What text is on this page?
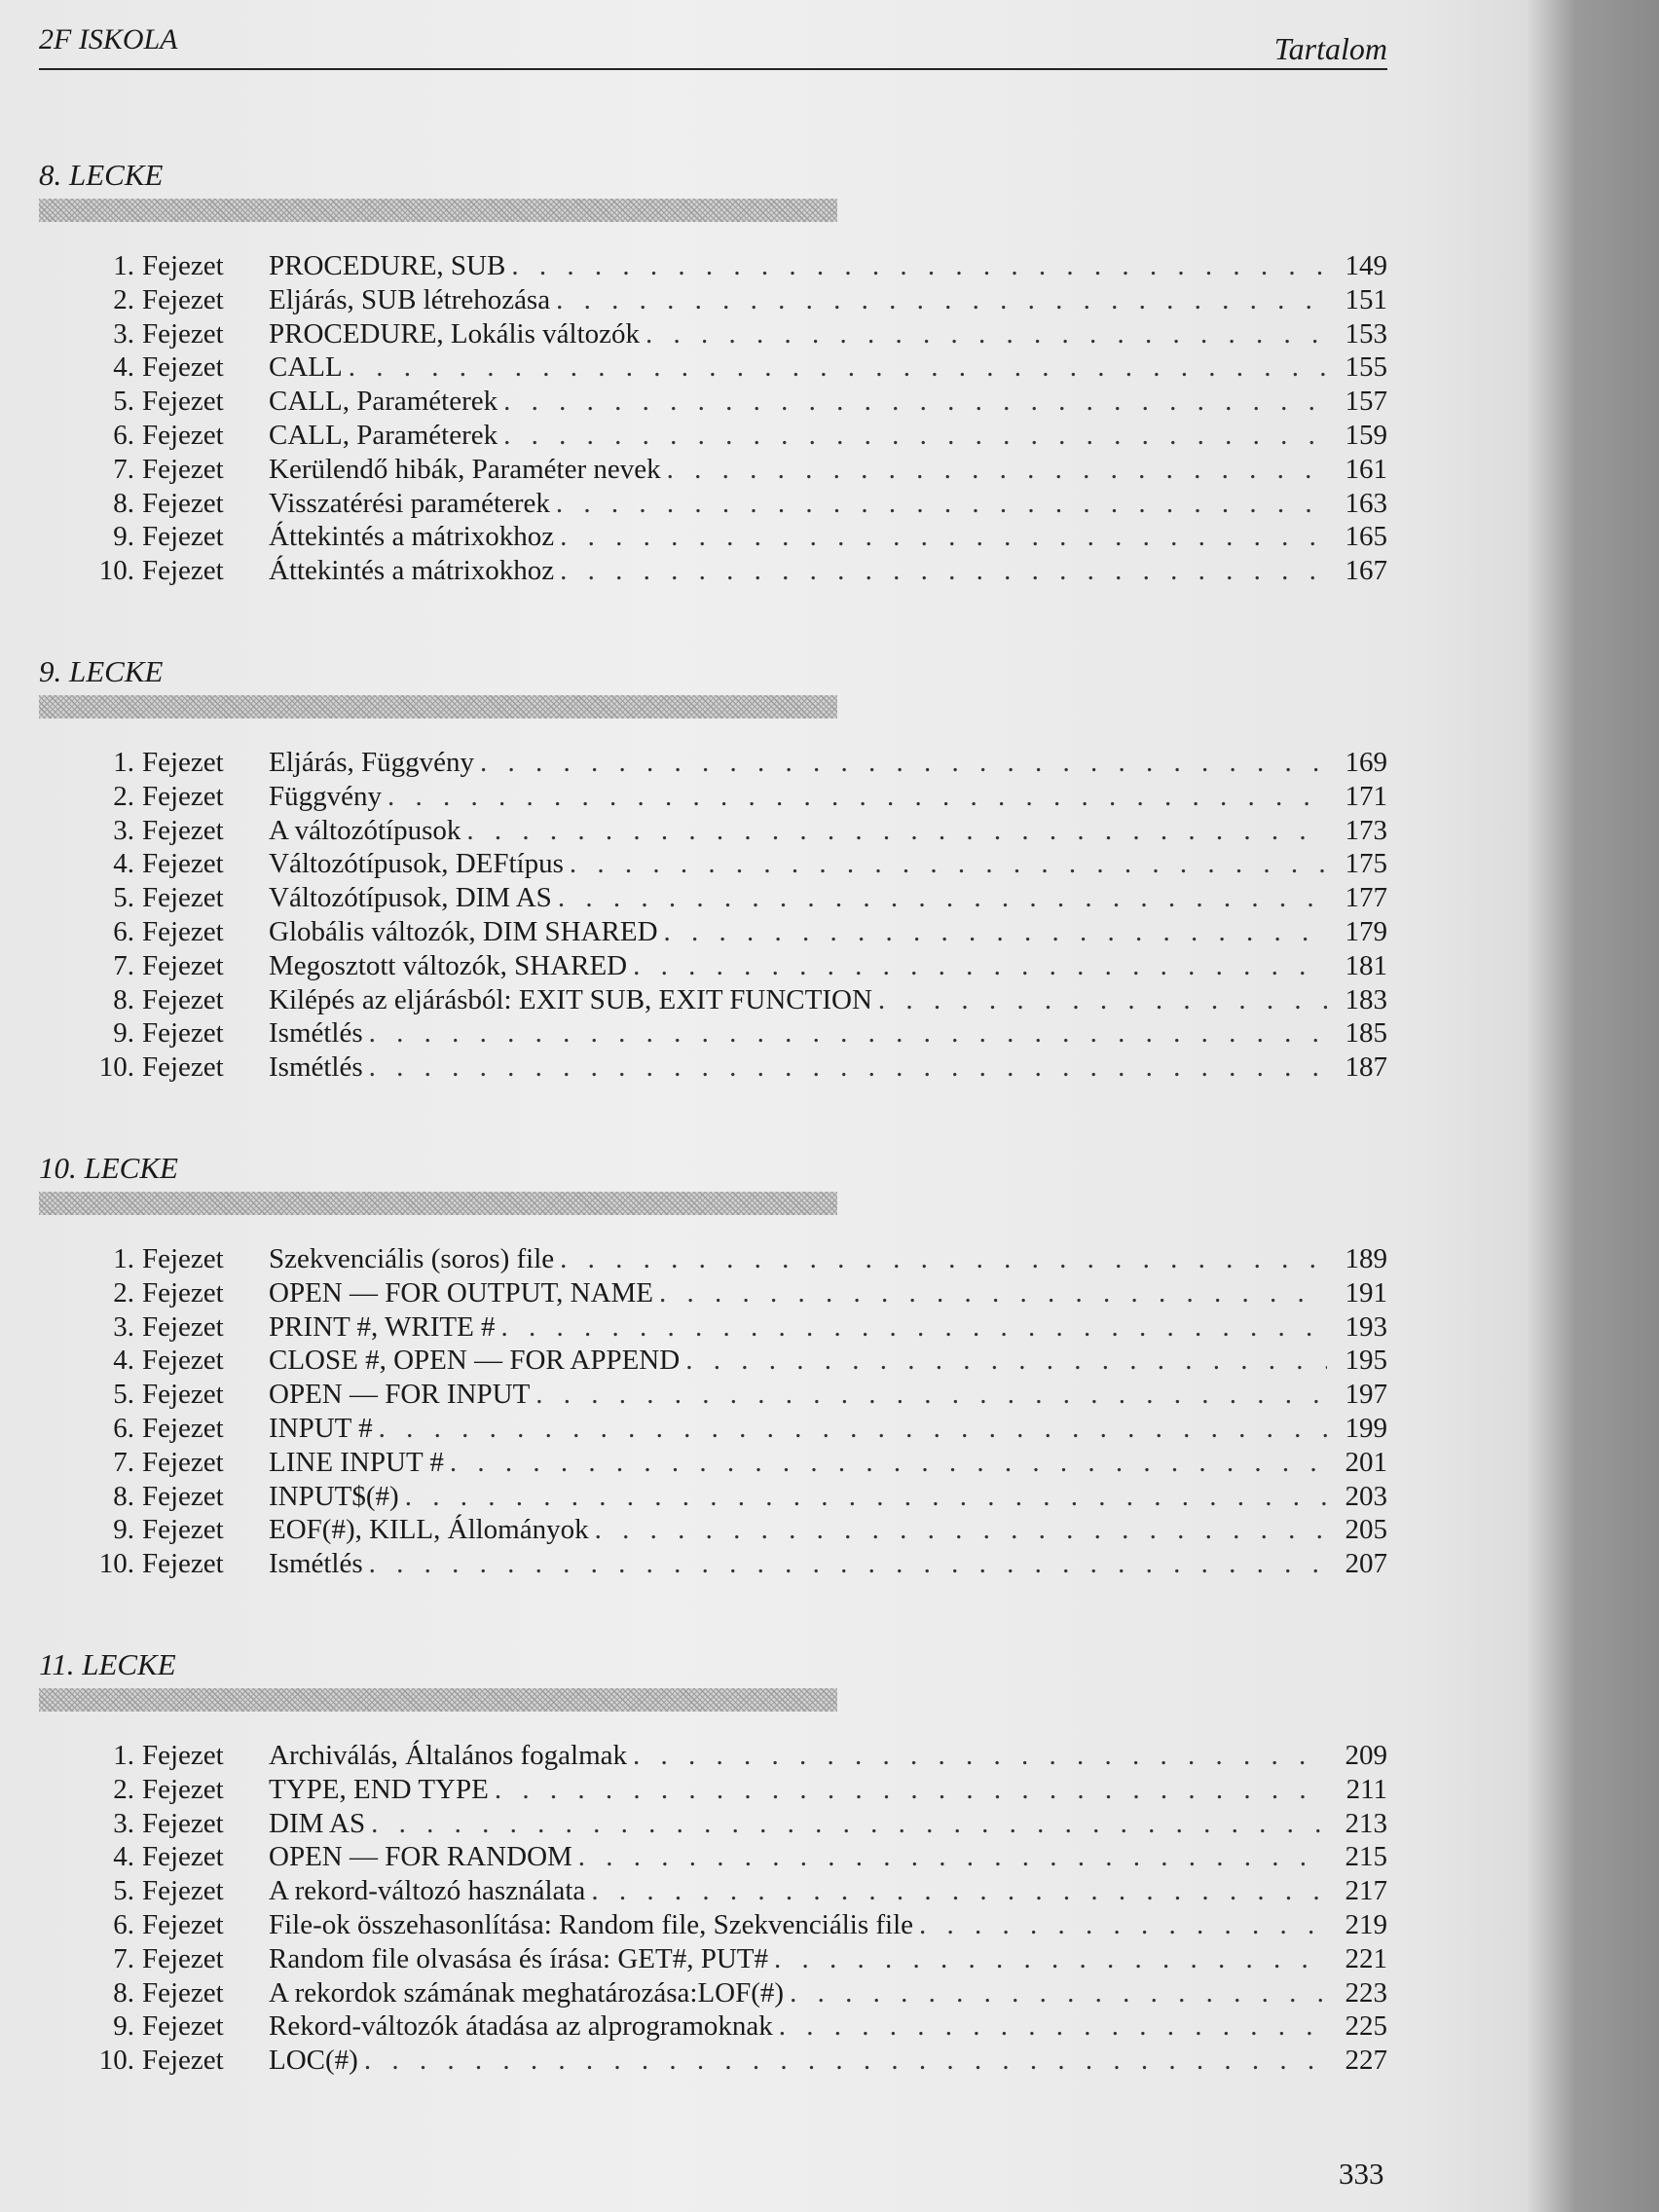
2F ISKOLA	Tartalom
8. LECKE
1. Fejezet	PROCEDURE, SUB . . .	149
2. Fejezet	Eljárás, SUB létrehozása . . .	151
3. Fejezet	PROCEDURE, Lokális változók . . .	153
4. Fejezet	CALL . . .	155
5. Fejezet	CALL, Paraméterek . . .	157
6. Fejezet	CALL, Paraméterek . . .	159
7. Fejezet	Kerülendő hibák, Paraméter nevek . . .	161
8. Fejezet	Visszatérési paraméterek . . .	163
9. Fejezet	Áttekintés a mátrixokhoz . . .	165
10. Fejezet	Áttekintés a mátrixokhoz . . .	167
9. LECKE
1. Fejezet	Eljárás, Függvény . . .	169
2. Fejezet	Függvény . . .	171
3. Fejezet	A változótípusok . . .	173
4. Fejezet	Változótípusok, DEFtípus . . .	175
5. Fejezet	Változótípusok, DIM AS . . .	177
6. Fejezet	Globális változók, DIM SHARED . . .	179
7. Fejezet	Megosztott változók, SHARED . . .	181
8. Fejezet	Kilépés az eljárásból: EXIT SUB, EXIT FUNCTION . . .	183
9. Fejezet	Ismétlés . . .	185
10. Fejezet	Ismétlés . . .	187
10. LECKE
1. Fejezet	Szekvenciális (soros) file . . .	189
2. Fejezet	OPEN — FOR OUTPUT, NAME . . .	191
3. Fejezet	PRINT #, WRITE # . . .	193
4. Fejezet	CLOSE #, OPEN — FOR APPEND . . .	195
5. Fejezet	OPEN — FOR INPUT . . .	197
6. Fejezet	INPUT # . . .	199
7. Fejezet	LINE INPUT # . . .	201
8. Fejezet	INPUT$(#) . . .	203
9. Fejezet	EOF(#), KILL, Állományok . . .	205
10. Fejezet	Ismétlés . . .	207
11. LECKE
1. Fejezet	Archiválás, Általános fogalmak . . .	209
2. Fejezet	TYPE, END TYPE . . .	211
3. Fejezet	DIM AS . . .	213
4. Fejezet	OPEN — FOR RANDOM . . .	215
5. Fejezet	A rekord-változó használata . . .	217
6. Fejezet	File-ok összehasonlítása: Random file, Szekvenciális file . . .	219
7. Fejezet	Random file olvasása és írása: GET#, PUT# . . .	221
8. Fejezet	A rekordok számának meghatározása:LOF(#) . . .	223
9. Fejezet	Rekord-változók átadása az alprogramoknak . . .	225
10. Fejezet	LOC(#) . . .	227
333
